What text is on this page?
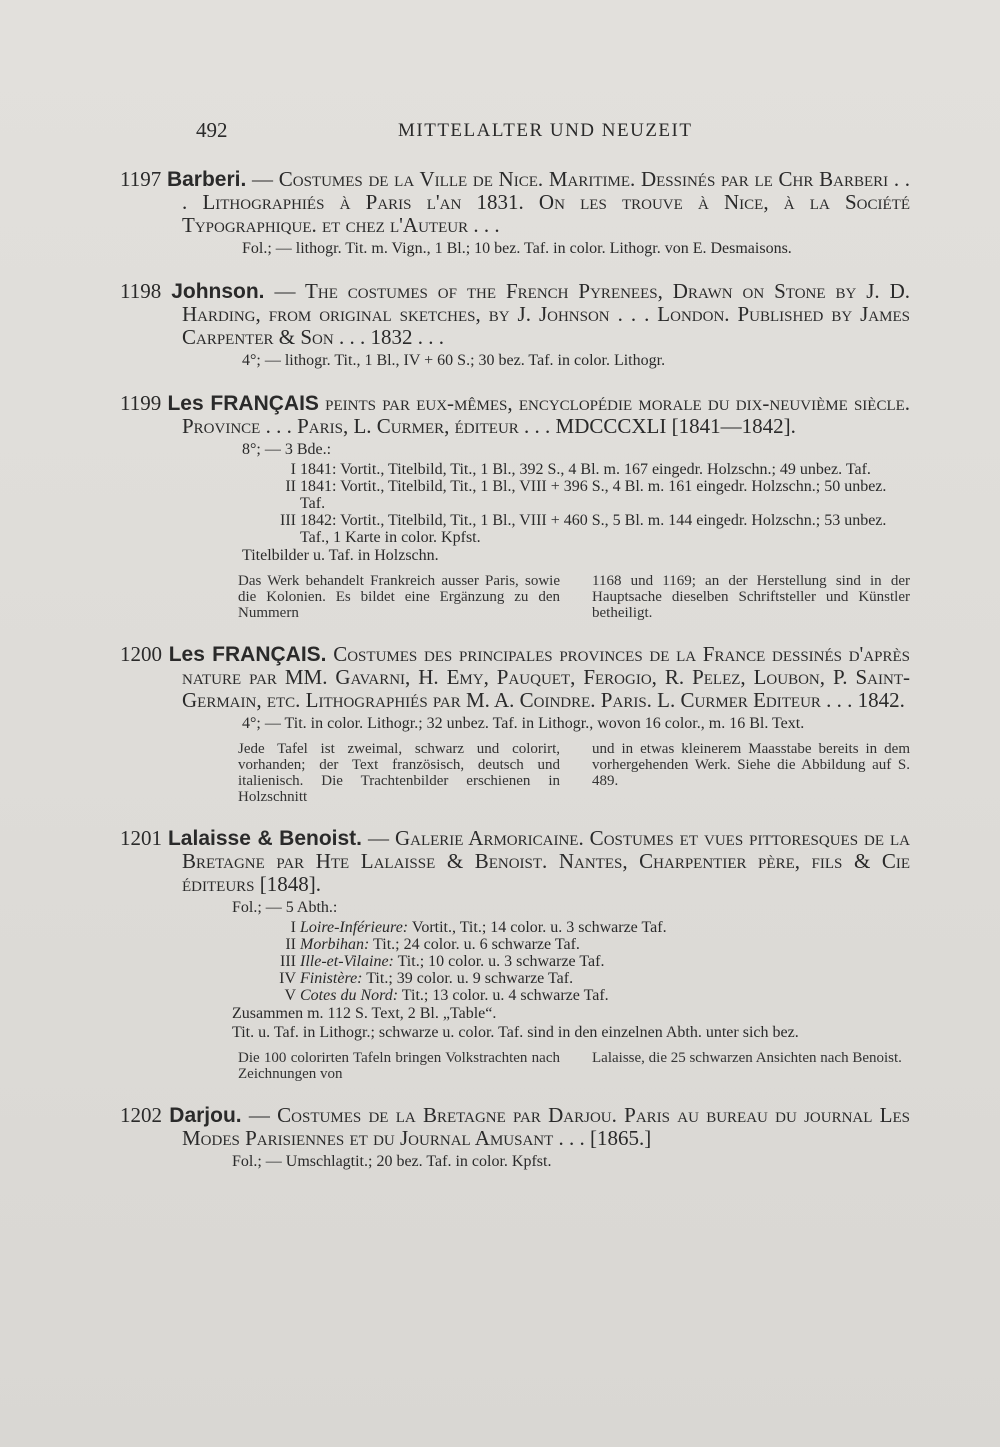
492	MITTELALTER UND NEUZEIT
1197 Barberi. — Costumes de la Ville de Nice. Maritime. Dessinés par le Chr Barberi . . . Lithographiés à Paris l'an 1831. On les trouve à Nice, à la Société Typographique. et chez l'Auteur . . .
Fol.; — lithogr. Tit. m. Vign., 1 Bl.; 10 bez. Taf. in color. Lithogr. von E. Desmaisons.
1198 Johnson. — The costumes of the French Pyrenees, Drawn on Stone by J. D. Harding, from original sketches, by J. Johnson . . . London. Published by James Carpenter & Son . . . 1832 . . .
4°; — lithogr. Tit., 1 Bl., IV + 60 S.; 30 bez. Taf. in color. Lithogr.
1199 Les FRANÇAIS peints par eux-mêmes, encyclopédie morale du dix-neuvième siècle. Province . . . Paris, L. Curmer, éditeur . . . MDCCCXLI [1841—1842].
8°; — 3 Bde.:
I 1841: Vortit., Titelbild, Tit., 1 Bl., 392 S., 4 Bl. m. 167 eingedr. Holzschn.; 49 unbez. Taf.
II 1841: Vortit., Titelbild, Tit., 1 Bl., VIII + 396 S., 4 Bl. m. 161 eingedr. Holzschn.; 50 unbez. Taf.
III 1842: Vortit., Titelbild, Tit., 1 Bl., VIII + 460 S., 5 Bl. m. 144 eingedr. Holzschn.; 53 unbez. Taf., 1 Karte in color. Kpfst.
Titelbilder u. Taf. in Holzschn.
Das Werk behandelt Frankreich ausser Paris, sowie die Kolonien. Es bildet eine Ergänzung zu den Nummern
1168 und 1169; an der Herstellung sind in der Hauptsache dieselben Schriftsteller und Künstler betheiligt.
1200 Les FRANÇAIS. Costumes des principales provinces de la France dessinés d'après nature par MM. Gavarni, H. Emy, Pauquet, Ferogio, R. Pelez, Loubon, P. Saint-Germain, etc. Lithographiés par M. A. Coindre. Paris. L. Curmer Editeur . . . 1842.
4°; — Tit. in color. Lithogr.; 32 unbez. Taf. in Lithogr., wovon 16 color., m. 16 Bl. Text.
Jede Tafel ist zweimal, schwarz und colorirt, vorhanden; der Text französisch, deutsch und italienisch. Die Trachtenbilder erschienen in Holzschnitt
und in etwas kleinerem Maasstabe bereits in dem vorhergehenden Werk. Siehe die Abbildung auf S. 489.
1201 Lalaisse & Benoist. — Galerie Armoricaine. Costumes et vues pittoresques de la Bretagne par Hte Lalaisse & Benoist. Nantes, Charpentier père, fils & Cie éditeurs [1848].
Fol.; — 5 Abth.:
I Loire-Inférieure: Vortit., Tit.; 14 color. u. 3 schwarze Taf.
II Morbihan: Tit.; 24 color. u. 6 schwarze Taf.
III Ille-et-Vilaine: Tit.; 10 color. u. 3 schwarze Taf.
IV Finistère: Tit.; 39 color. u. 9 schwarze Taf.
V Cotes du Nord: Tit.; 13 color. u. 4 schwarze Taf.
Zusammen m. 112 S. Text, 2 Bl. „Table“.
Tit. u. Taf. in Lithogr.; schwarze u. color. Taf. sind in den einzelnen Abth. unter sich bez.
Die 100 colorirten Tafeln bringen Volkstrachten nach Zeichnungen von
Lalaisse, die 25 schwarzen Ansichten nach Benoist.
1202 Darjou. — Costumes de la Bretagne par Darjou. Paris au bureau du journal Les Modes Parisiennes et du Journal Amusant . . . [1865.]
Fol.; — Umschlagtit.; 20 bez. Taf. in color. Kpfst.
